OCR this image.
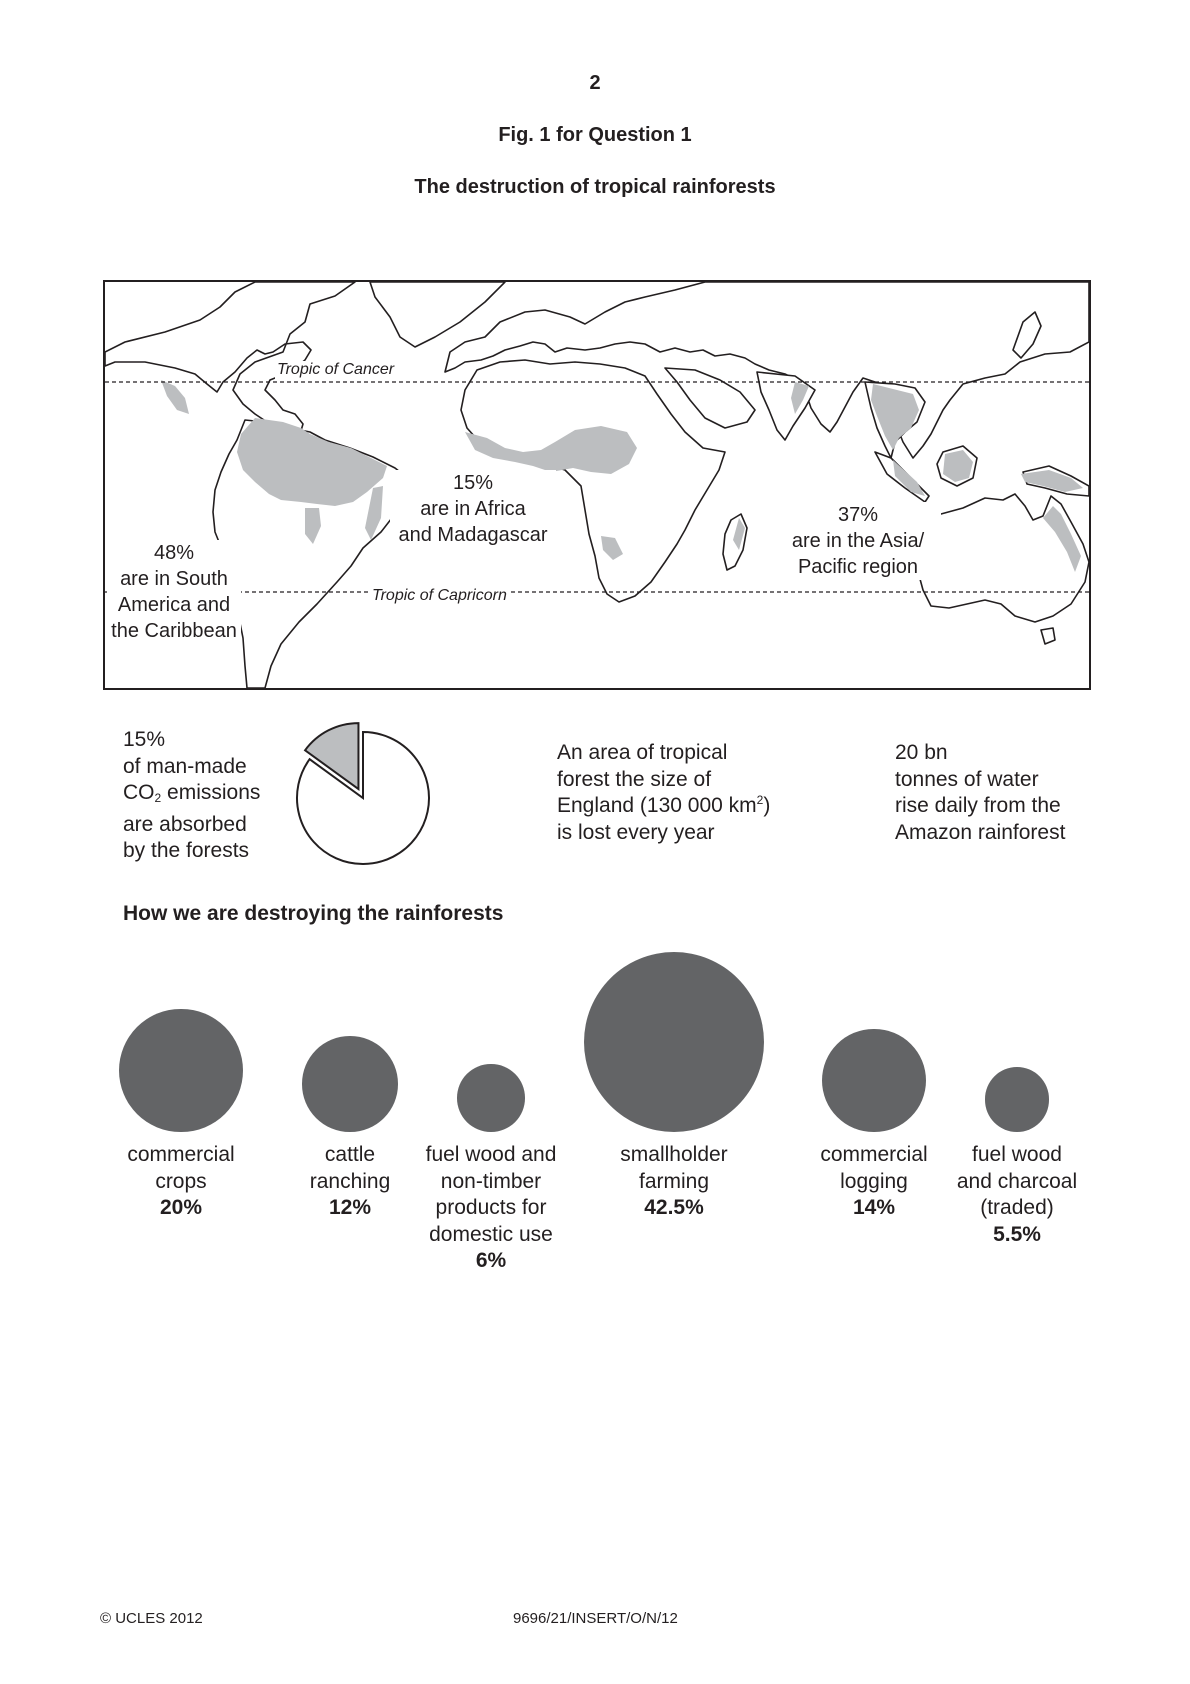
2
Fig. 1 for Question 1
The destruction of tropical rainforests
Tropic of Cancer
Tropic of Capricorn
48%
are in South
America and
the Caribbean
15%
are in Africa
and Madagascar
37%
are in the Asia/
Pacific region
15%
of man-made
$CO_2$ emissions
are absorbed
by the forests
An area of tropical
forest the size of
England (130 000 $km^2$)
is lost every year
20 bn
tonnes of water
rise daily from the
Amazon rainforest
How we are destroying the rainforests
commercial
crops
20%
cattle
ranching
12%
fuel wood and
non-timber
products for
domestic use
6%
smallholder
farming
42.5%
commercial
logging
14%
fuel wood
and charcoal
(traded)
5.5%
© UCLES 2012	9696/21/INSERT/O/N/12
